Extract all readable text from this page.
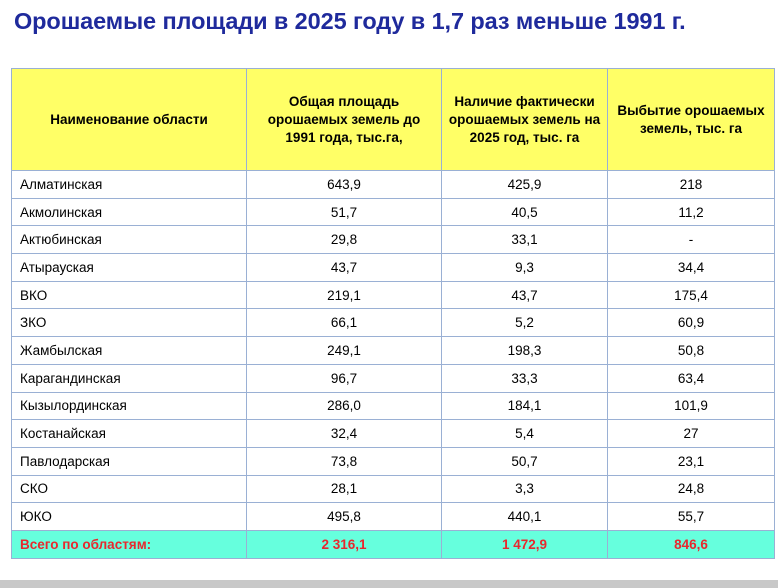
Орошаемые площади в 2025 году в 1,7 раз меньше 1991 г.
Наименование области	Общая площадь орошаемых земель до 1991 года, тыс.га,	Наличие фактически орошаемых земель на 2025 год, тыс. га	Выбытие орошаемых земель, тыс. га
Алматинская	643,9	425,9	218
Акмолинская	51,7	40,5	11,2
Актюбинская	29,8	33,1	-
Атырауская	43,7	9,3	34,4
ВКО	219,1	43,7	175,4
ЗКО	66,1	5,2	60,9
Жамбылская	249,1	198,3	50,8
Карагандинская	96,7	33,3	63,4
Кызылординская	286,0	184,1	101,9
Костанайская	32,4	5,4	27
Павлодарская	73,8	50,7	23,1
СКО	28,1	3,3	24,8
ЮКО	495,8	440,1	55,7
Всего по областям:	2 316,1	1 472,9	846,6
